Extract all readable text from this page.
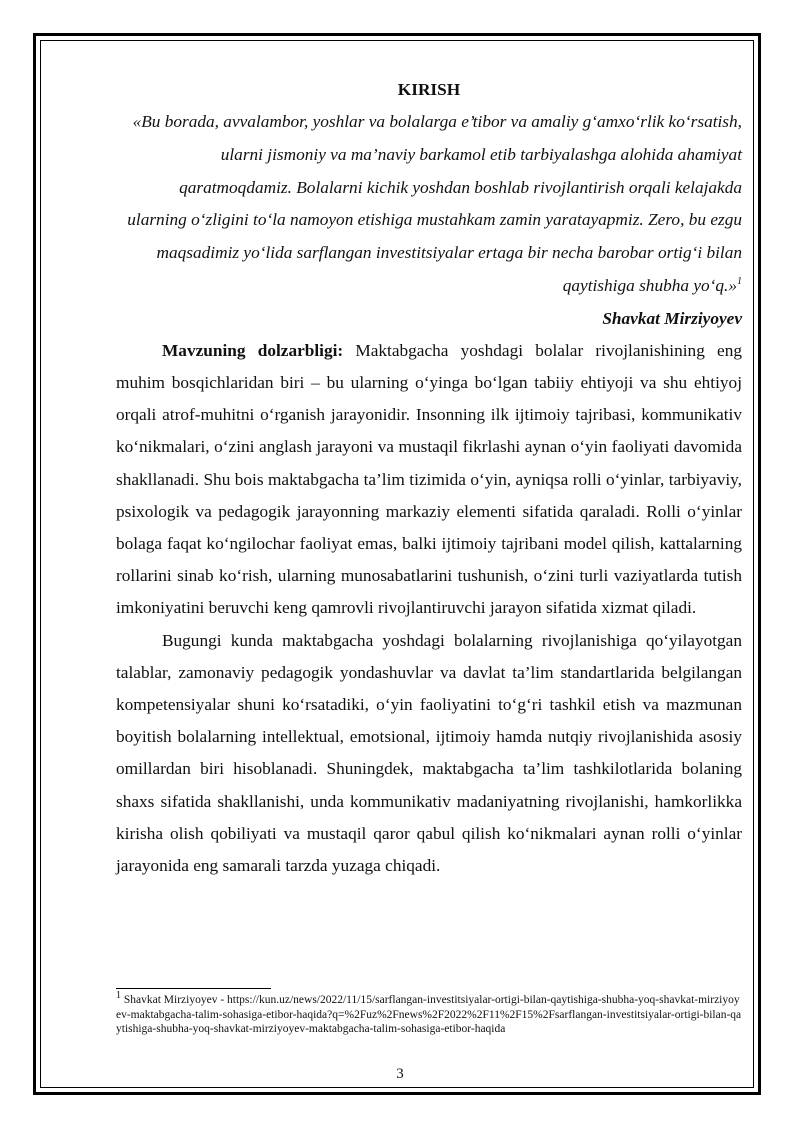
KIRISH

«Bu borada, avvalambor, yoshlar va bolalarga e’tibor va amaliy g‘amxo‘rlik ko‘rsatish, ularni jismoniy va ma’naviy barkamol etib tarbiyalashga alohida ahamiyat qaratmoqdamiz. Bolalarni kichik yoshdan boshlab rivojlantirish orqali kelajakda ularning o‘zligini to‘la namoyon etishiga mustahkam zamin yaratayapmiz. Zero, bu ezgu maqsadimiz yo‘lida sarflangan investitsiyalar ertaga bir necha barobar ortig‘i bilan qaytishiga shubha yo‘q.»$^1$

Shavkat Mirziyoyev

Mavzuning dolzarbligi: Maktabgacha yoshdagi bolalar rivojlanishining eng muhim bosqichlaridan biri – bu ularning o‘yinga bo‘lgan tabiiy ehtiyoji va shu ehtiyoj orqali atrof-muhitni o‘rganish jarayonidir. Insonning ilk ijtimoiy tajribasi, kommunikativ ko‘nikmalari, o‘zini anglash jarayoni va mustaqil fikrlashi aynan o‘yin faoliyati davomida shakllanadi. Shu bois maktabgacha ta’lim tizimida o‘yin, ayniqsa rolli o‘yinlar, tarbiyaviy, psixologik va pedagogik jarayonning markaziy elementi sifatida qaraladi. Rolli o‘yinlar bolaga faqat ko‘ngilochar faoliyat emas, balki ijtimoiy tajribani model qilish, kattalarning rollarini sinab ko‘rish, ularning munosabatlarini tushunish, o‘zini turli vaziyatlarda tutish imkoniyatini beruvchi keng qamrovli rivojlantiruvchi jarayon sifatida xizmat qiladi.

Bugungi kunda maktabgacha yoshdagi bolalarning rivojlanishiga qo‘yilayotgan talablar, zamonaviy pedagogik yondashuvlar va davlat ta’lim standartlarida belgilangan kompetensiyalar shuni ko‘rsatadiki, o‘yin faoliyatini to‘g‘ri tashkil etish va mazmunan boyitish bolalarning intellektual, emotsional, ijtimoiy hamda nutqiy rivojlanishida asosiy omillardan biri hisoblanadi. Shuningdek, maktabgacha ta’lim tashkilotlarida bolaning shaxs sifatida shakllanishi, unda kommunikativ madaniyatning rivojlanishi, hamkorlikka kirisha olish qobiliyati va mustaqil qaror qabul qilish ko‘nikmalari aynan rolli o‘yinlar jarayonida eng samarali tarzda yuzaga chiqadi.

$^1$ Shavkat Mirziyoyev - https://kun.uz/news/2022/11/15/sarflangan-investitsiyalar-ortigi-bilan-qaytishiga-shubha-yoq-shavkat-mirziyoyev-maktabgacha-talim-sohasiga-etibor-haqida?q=%2Fuz%2Fnews%2F2022%2F11%2F15%2Fsarflangan-investitsiyalar-ortigi-bilan-qaytishiga-shubha-yoq-shavkat-mirziyoyev-maktabgacha-talim-sohasiga-etibor-haqida
3
